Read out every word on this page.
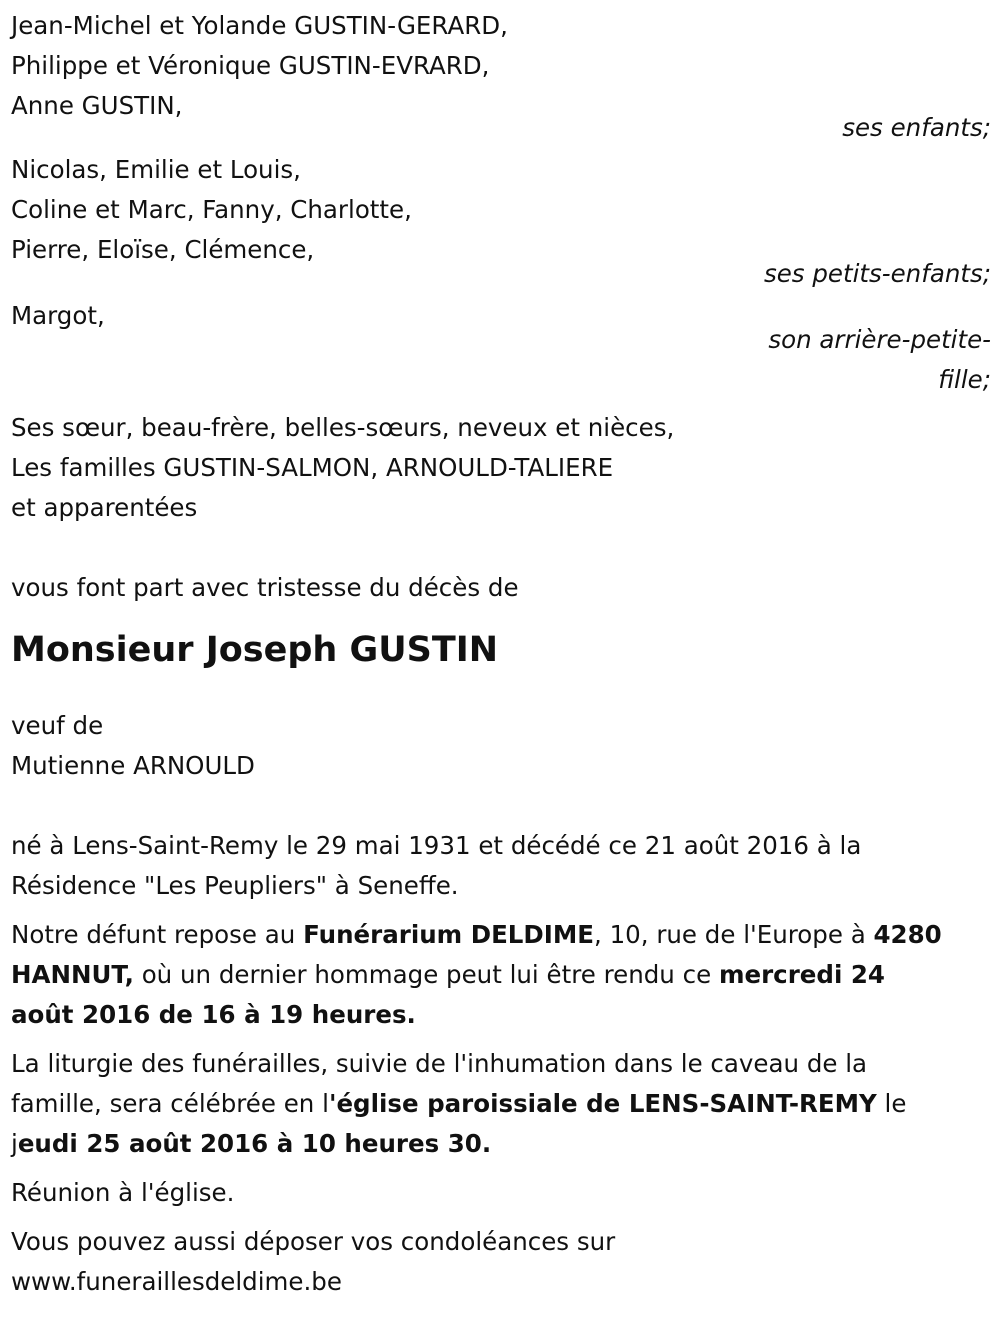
Jean-Michel et Yolande GUSTIN-GERARD,
Philippe et Véronique GUSTIN-EVRARD,
Anne GUSTIN,
ses enfants;
Nicolas, Emilie et Louis,
Coline et Marc, Fanny, Charlotte,
Pierre, Eloïse, Clémence,
ses petits-enfants;
Margot,
son arrière-petite-
fille;
Ses sœur, beau-frère, belles-sœurs, neveux et nièces,
Les familles GUSTIN-SALMON, ARNOULD-TALIERE
et apparentées
vous font part avec tristesse du décès de
Monsieur Joseph GUSTIN
veuf de
Mutienne ARNOULD
né à Lens-Saint-Remy le 29 mai 1931 et décédé ce 21 août 2016 à la
Résidence "Les Peupliers" à Seneffe.
Notre défunt repose au Funérarium DELDIME, 10, rue de l'Europe à 4280
HANNUT, où un dernier hommage peut lui être rendu ce mercredi 24
août 2016 de 16 à 19 heures.
La liturgie des funérailles, suivie de l'inhumation dans le caveau de la
famille, sera célébrée en l'église paroissiale de LENS-SAINT-REMY le
jeudi 25 août 2016 à 10 heures 30.
Réunion à l'église.
Vous pouvez aussi déposer vos condoléances sur
www.funeraillesdeldime.be
